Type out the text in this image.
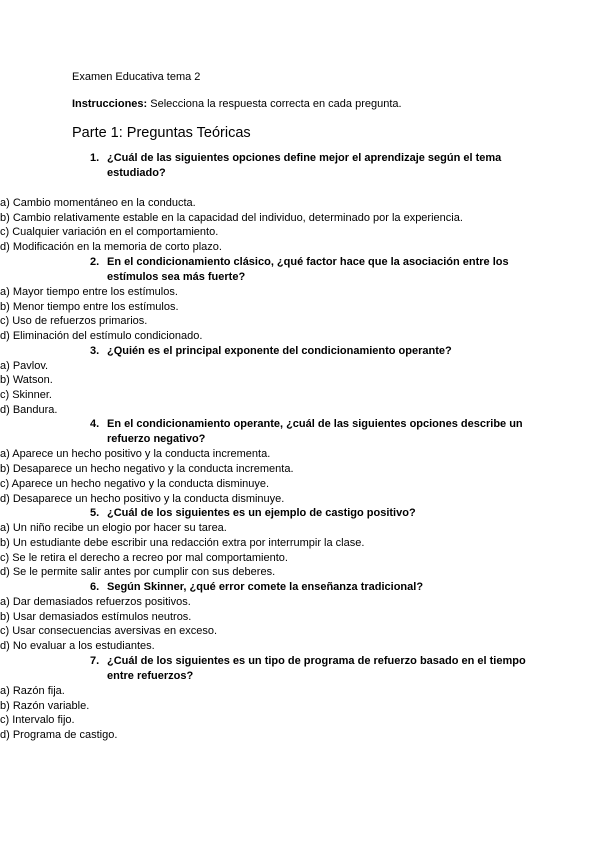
Examen Educativa tema 2

Instrucciones: Selecciona la respuesta correcta en cada pregunta.

Parte 1: Preguntas Teóricas

1. ¿Cuál de las siguientes opciones define mejor el aprendizaje según el tema estudiado?

a) Cambio momentáneo en la conducta.

b) Cambio relativamente estable en la capacidad del individuo, determinado por la experiencia.

c) Cualquier variación en el comportamiento.

d) Modificación en la memoria de corto plazo.

2. En el condicionamiento clásico, ¿qué factor hace que la asociación entre los estímulos sea más fuerte?

a) Mayor tiempo entre los estímulos.

b) Menor tiempo entre los estímulos.

c) Uso de refuerzos primarios.

d) Eliminación del estímulo condicionado.

3. ¿Quién es el principal exponente del condicionamiento operante?

a) Pavlov.

b) Watson.

c) Skinner.

d) Bandura.

4. En el condicionamiento operante, ¿cuál de las siguientes opciones describe un refuerzo negativo?

a) Aparece un hecho positivo y la conducta incrementa.

b) Desaparece un hecho negativo y la conducta incrementa.

c) Aparece un hecho negativo y la conducta disminuye.

d) Desaparece un hecho positivo y la conducta disminuye.

5. ¿Cuál de los siguientes es un ejemplo de castigo positivo?

a) Un niño recibe un elogio por hacer su tarea.

b) Un estudiante debe escribir una redacción extra por interrumpir la clase.

c) Se le retira el derecho a recreo por mal comportamiento.

d) Se le permite salir antes por cumplir con sus deberes.

6. Según Skinner, ¿qué error comete la enseñanza tradicional?

a) Dar demasiados refuerzos positivos.

b) Usar demasiados estímulos neutros.

c) Usar consecuencias aversivas en exceso.

d) No evaluar a los estudiantes.

7. ¿Cuál de los siguientes es un tipo de programa de refuerzo basado en el tiempo entre refuerzos?

a) Razón fija.

b) Razón variable.

c) Intervalo fijo.

d) Programa de castigo.
